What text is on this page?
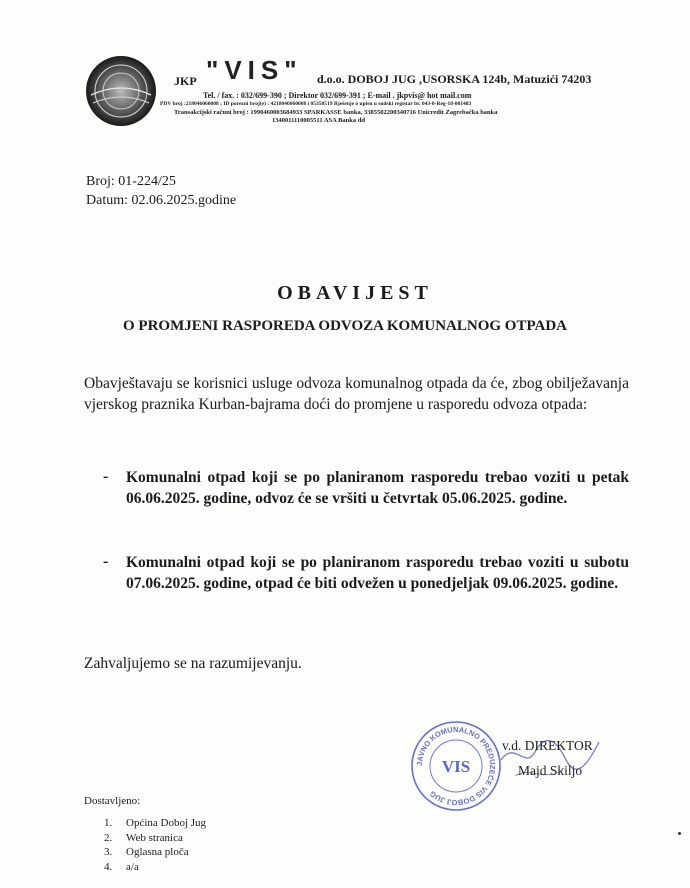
JKP "VIS" d.o.o. DOBOJ JUG ,USORSKA 124b, Matuzići 74203
Tel. / fax. : 032/699-390 ; Direktor 032/699-391 ; E-mail . jkpvis@ hot mail.com
PDV broj :218046060008 ; ID porezni broj(e) : 4218046060008 i 05350519 Rješenje o upisu u sudski registar br. 043-0-Reg-18-001483
Transakcijski računi broj : 1990460003684933 SPARKASSE banka, 3385502200340716 Unicredit Zagrebačka banka
1340011110005511 ASA Banka dd
Broj: 01-224/25
Datum: 02.06.2025.godine
OBAVIJEST
O PROMJENI RASPOREDA ODVOZA KOMUNALNOG OTPADA
Obavještavaju se korisnici usluge odvoza komunalnog otpada da će, zbog obilježavanja vjerskog praznika Kurban-bajrama doći do promjene u rasporedu odvoza otpada:
- Komunalni otpad koji se po planiranom rasporedu trebao voziti u petak 06.06.2025. godine, odvoz će se vršiti u četvrtak 05.06.2025. godine.
- Komunalni otpad koji se po planiranom rasporedu trebao voziti u subotu 07.06.2025. godine, otpad će biti odvežen u ponedjeljak 09.06.2025. godine.
Zahvaljujemo se na razumijevanju.
JAVNO KOMUNALNO PREDUZEĆE VIS DOBOJ JUG
VIS
v.d. DIREKTOR
Majd Skiljo
Dostavljeno:
1.	Općina Doboj Jug
2.	Web stranica
3.	Oglasna ploča
4.	a/a
